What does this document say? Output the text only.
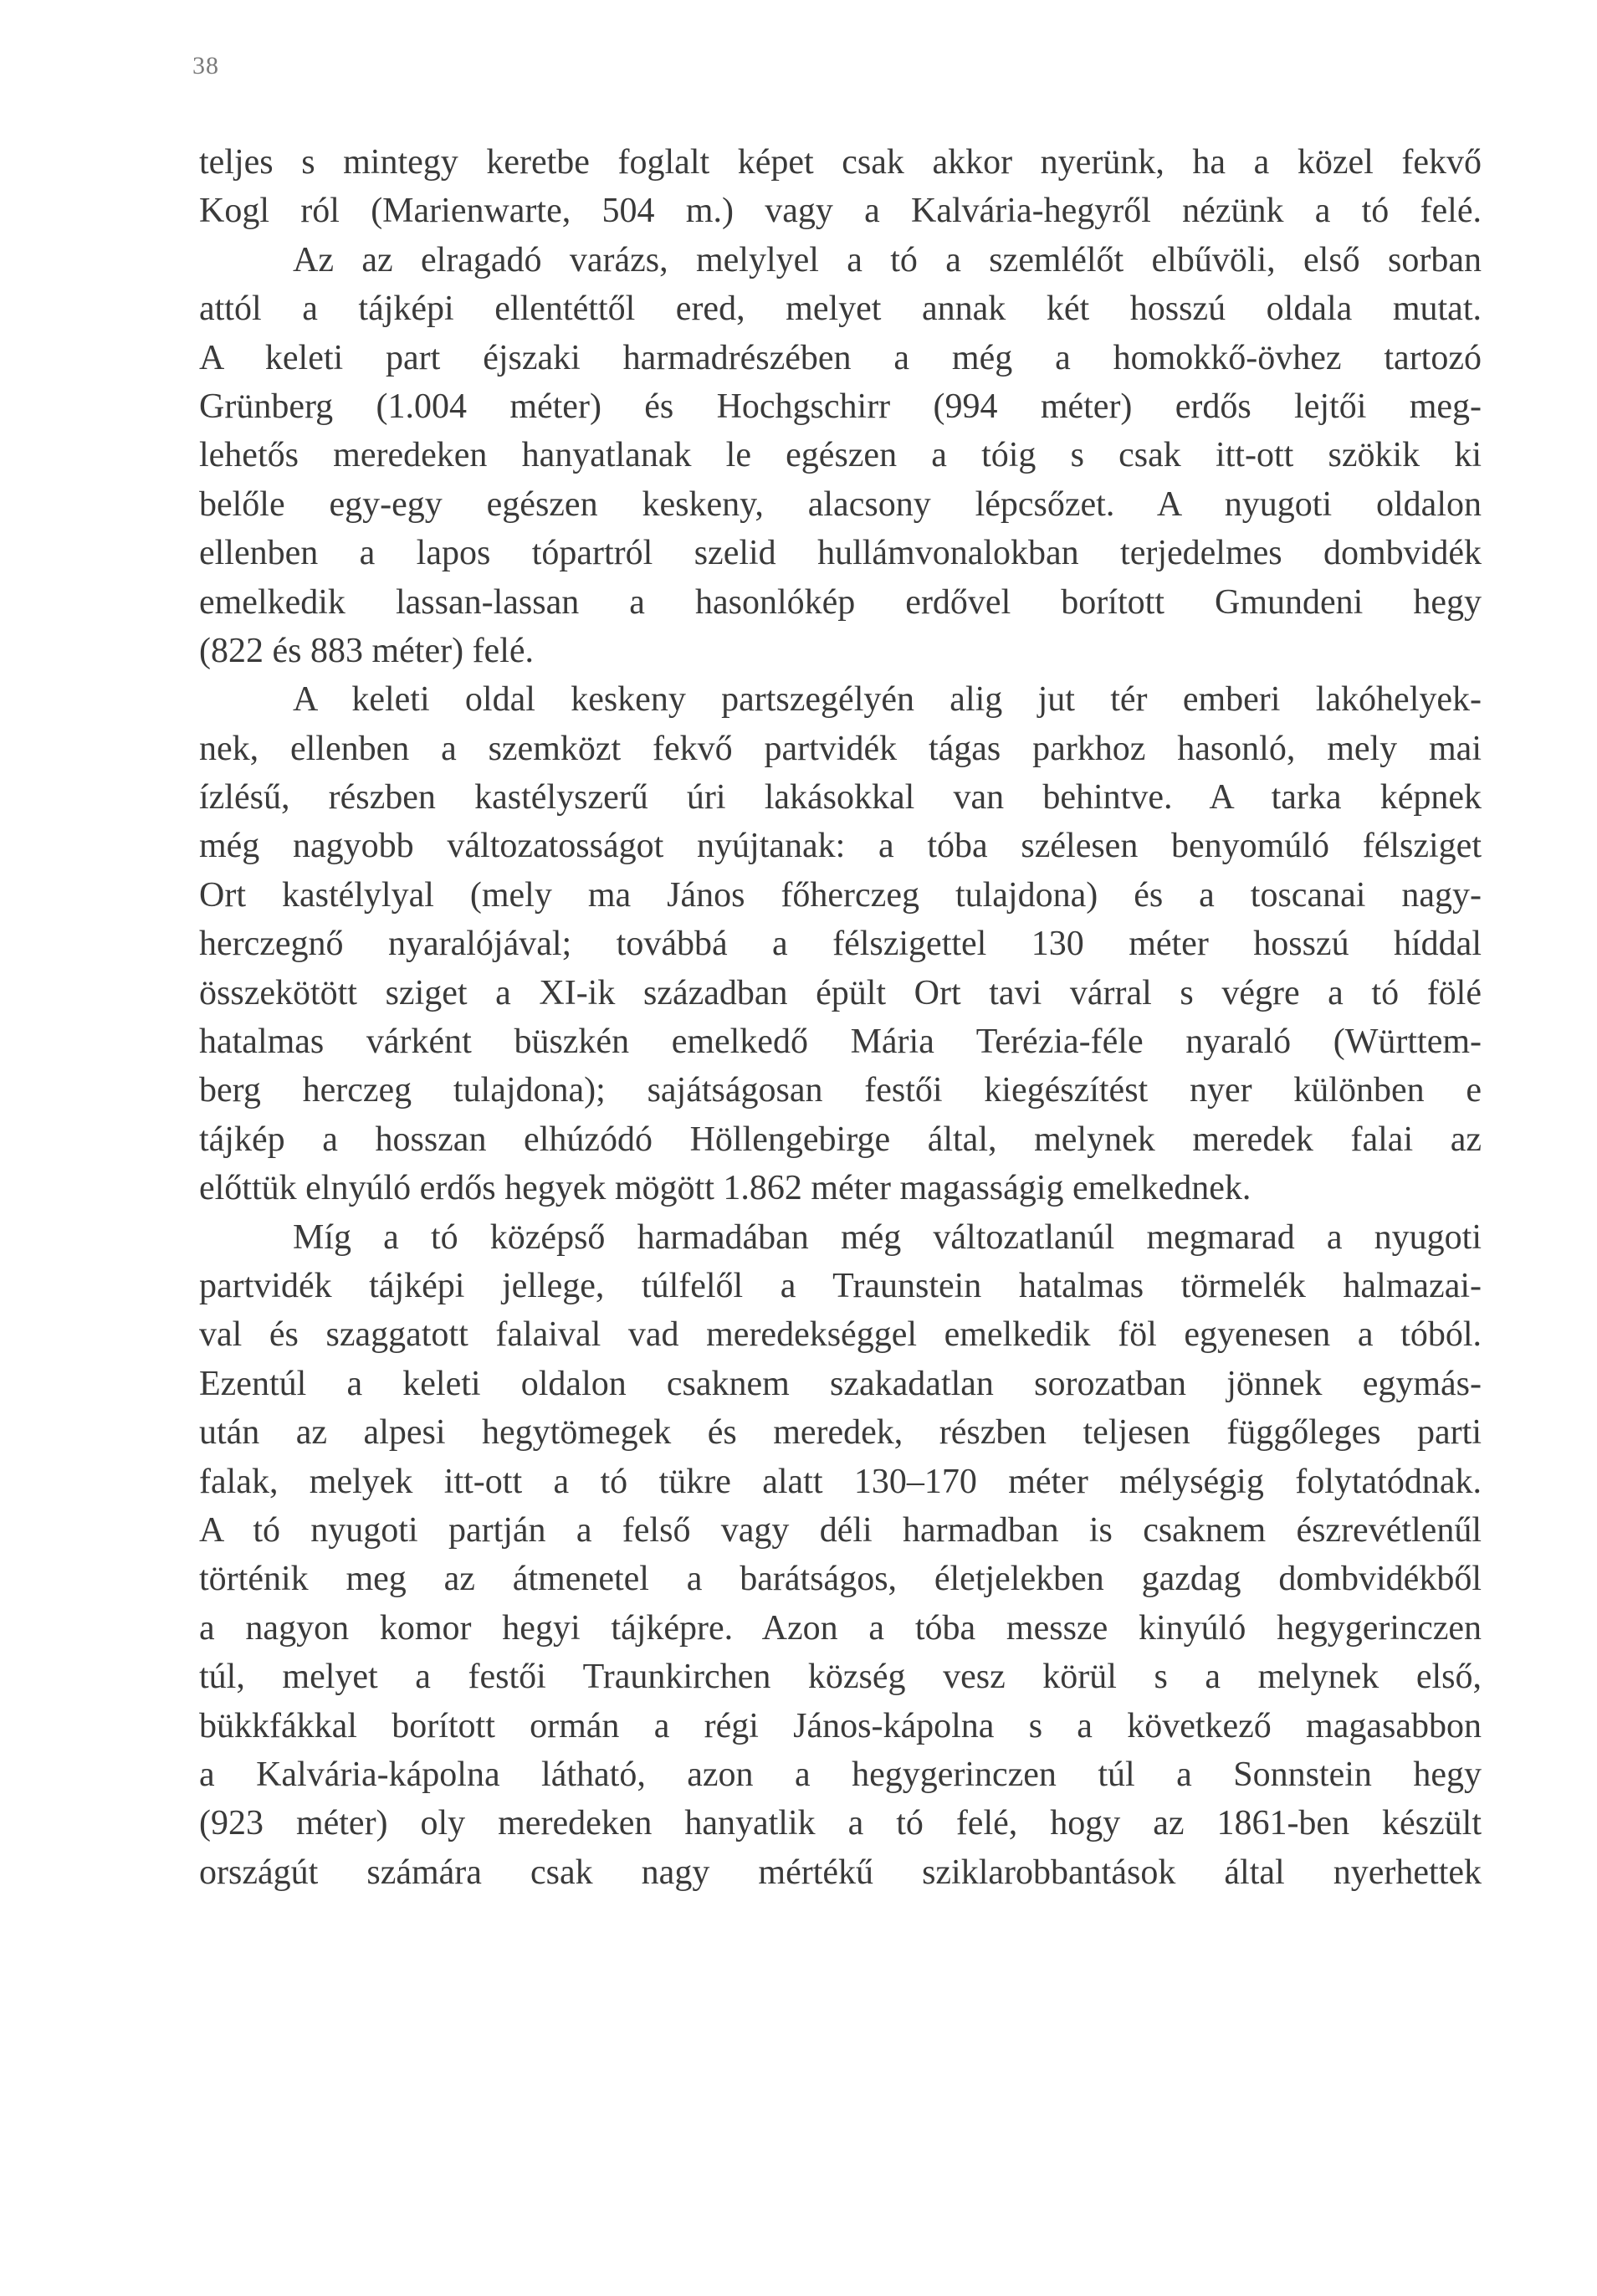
38
teljes s mintegy keretbe foglalt képet csak akkor nyerünk, ha a közel fekvő
Kogl ról (Marienwarte, 504 m.) vagy a Kalvária-hegyről nézünk a tó felé.
Az az elragadó varázs, melylyel a tó a szemlélőt elbűvöli, első sorban
attól a tájképi ellentéttől ered, melyet annak két hosszú oldala mutat.
A keleti part éjszaki harmadrészében a még a homokkő-övhez tartozó
Grünberg (1.004 méter) és Hochgschirr (994 méter) erdős lejtői meg-
lehetős meredeken hanyatlanak le egészen a tóig s csak itt-ott szökik ki
belőle egy-egy egészen keskeny, alacsony lépcsőzet. A nyugoti oldalon
ellenben a lapos tópartról szelid hullámvonalokban terjedelmes dombvidék
emelkedik lassan-lassan a hasonlókép erdővel borított Gmundeni hegy
(822 és 883 méter) felé.
A keleti oldal keskeny partszegélyén alig jut tér emberi lakóhelyek-
nek, ellenben a szemközt fekvő partvidék tágas parkhoz hasonló, mely mai
ízlésű, részben kastélyszerű úri lakásokkal van behintve. A tarka képnek
még nagyobb változatosságot nyújtanak: a tóba szélesen benyomúló félsziget
Ort kastélylyal (mely ma János főherczeg tulajdona) és a toscanai nagy-
herczegnő nyaralójával; továbbá a félszigettel 130 méter hosszú híddal
összekötött sziget a XI-ik században épült Ort tavi várral s végre a tó fölé
hatalmas várként büszkén emelkedő Mária Terézia-féle nyaraló (Württem-
berg herczeg tulajdona); sajátságosan festői kiegészítést nyer különben e
tájkép a hosszan elhúzódó Höllengebirge által, melynek meredek falai az
előttük elnyúló erdős hegyek mögött 1.862 méter magasságig emelkednek.
Míg a tó középső harmadában még változatlanúl megmarad a nyugoti
partvidék tájképi jellege, túlfelől a Traunstein hatalmas törmelék halmazai-
val és szaggatott falaival vad meredekséggel emelkedik föl egyenesen a tóból.
Ezentúl a keleti oldalon csaknem szakadatlan sorozatban jönnek egymás-
után az alpesi hegytömegek és meredek, részben teljesen függőleges parti
falak, melyek itt-ott a tó tükre alatt 130–170 méter mélységig folytatódnak.
A tó nyugoti partján a felső vagy déli harmadban is csaknem észrevétlenűl
történik meg az átmenetel a barátságos, életjelekben gazdag dombvidékből
a nagyon komor hegyi tájképre. Azon a tóba messze kinyúló hegygerinczen
túl, melyet a festői Traunkirchen község vesz körül s a melynek első,
bükkfákkal borított ormán a régi János-kápolna s a következő magasabbon
a Kalvária-kápolna látható, azon a hegygerinczen túl a Sonnstein hegy
(923 méter) oly meredeken hanyatlik a tó felé, hogy az 1861-ben készült
országút számára csak nagy mértékű sziklarobbantások által nyerhettek
